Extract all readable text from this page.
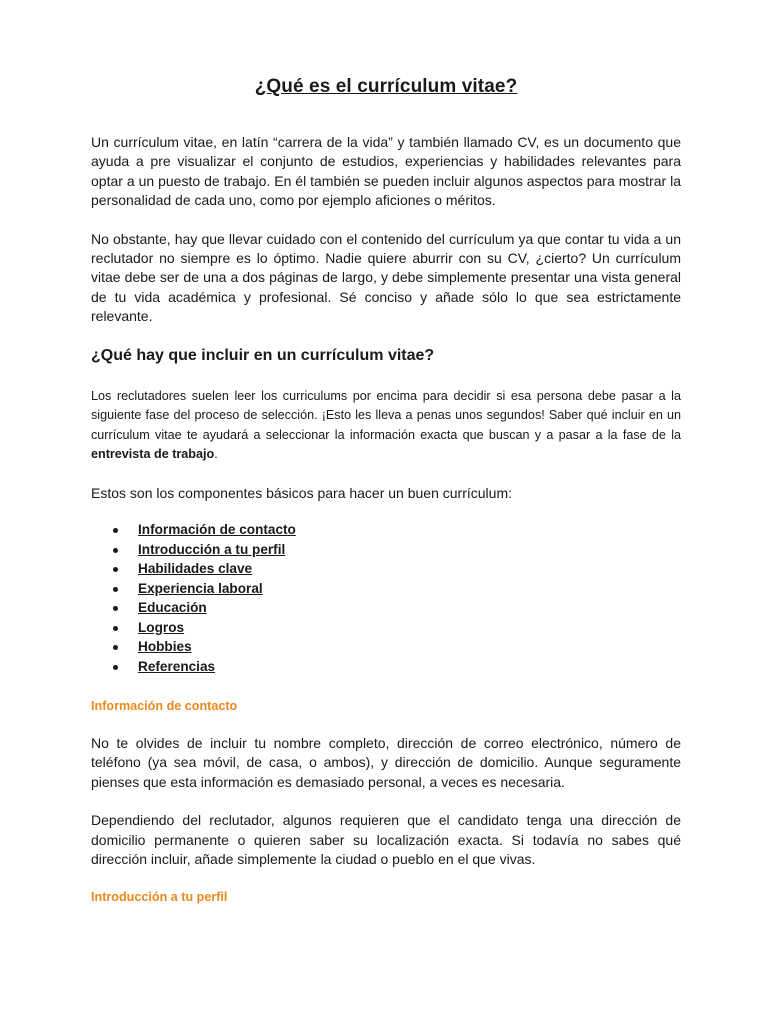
¿Qué es el currículum vitae?

Un currículum vitae, en latín “carrera de la vida” y también llamado CV, es un documento que ayuda a pre visualizar el conjunto de estudios, experiencias y habilidades relevantes para optar a un puesto de trabajo. En él también se pueden incluir algunos aspectos para mostrar la personalidad de cada uno, como por ejemplo aficiones o méritos.

No obstante, hay que llevar cuidado con el contenido del currículum ya que contar tu vida a un reclutador no siempre es lo óptimo. Nadie quiere aburrir con su CV, ¿cierto? Un currículum vitae debe ser de una a dos páginas de largo, y debe simplemente presentar una vista general de tu vida académica y profesional. Sé conciso y añade sólo lo que sea estrictamente relevante.

¿Qué hay que incluir en un currículum vitae?

Los reclutadores suelen leer los curriculums por encima para decidir si esa persona debe pasar a la siguiente fase del proceso de selección. ¡Esto les lleva a penas unos segundos! Saber qué incluir en un currículum vitae te ayudará a seleccionar la información exacta que buscan y a pasar a la fase de la entrevista de trabajo.

Estos son los componentes básicos para hacer un buen currículum:

Información de contacto
Introducción a tu perfil
Habilidades clave
Experiencia laboral
Educación
Logros
Hobbies
Referencias
Información de contacto

No te olvides de incluir tu nombre completo, dirección de correo electrónico, número de teléfono (ya sea móvil, de casa, o ambos), y dirección de domicilio. Aunque seguramente pienses que esta información es demasiado personal, a veces es necesaria.

Dependiendo del reclutador, algunos requieren que el candidato tenga una dirección de domicilio permanente o quieren saber su localización exacta. Si todavía no sabes qué dirección incluir, añade simplemente la ciudad o pueblo en el que vivas.

Introducción a tu perfil
